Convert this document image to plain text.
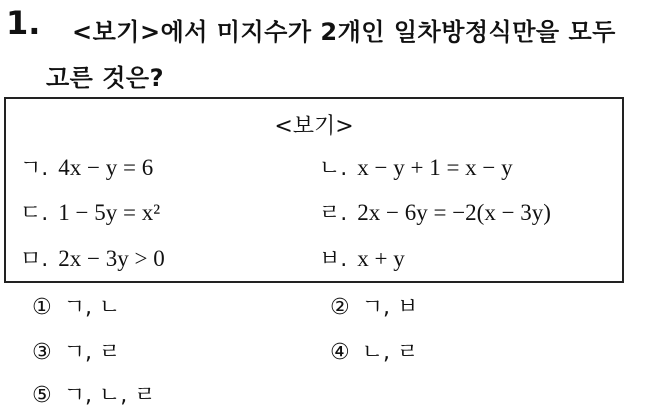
1. <보기>에서 미지수가 2개인 일차방정식만을 모두
고른 것은?
<보기>
ㄱ. 4x − y = 6	ㄴ. x − y + 1 = x − y
ㄷ. 1 − 5y = x²	ㄹ. 2x − 6y = −2(x − 3y)
ㅁ. 2x − 3y > 0	ㅂ. x + y
① ㄱ, ㄴ	② ㄱ, ㅂ
③ ㄱ, ㄹ	④ ㄴ, ㄹ
⑤ ㄱ, ㄴ, ㄹ
